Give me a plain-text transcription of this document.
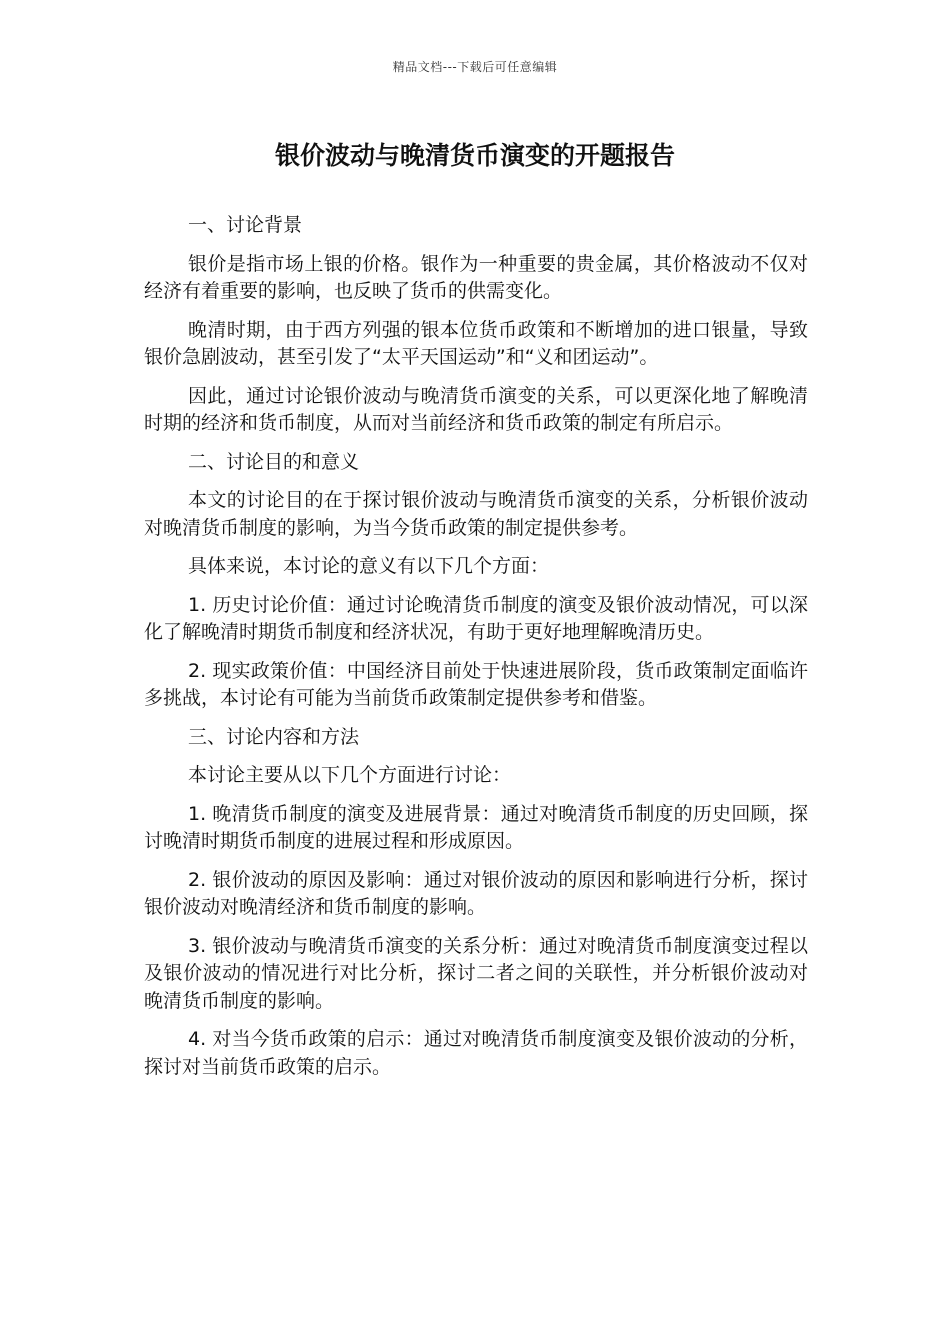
精品文档---下载后可任意编辑
银价波动与晚清货币演变的开题报告

一、讨论背景

银价是指市场上银的价格。银作为一种重要的贵金属，其价格波动不仅对经济有着重要的影响，也反映了货币的供需变化。

晚清时期，由于西方列强的银本位货币政策和不断增加的进口银量，导致银价急剧波动，甚至引发了“太平天国运动”和“义和团运动”。

因此，通过讨论银价波动与晚清货币演变的关系，可以更深化地了解晚清时期的经济和货币制度，从而对当前经济和货币政策的制定有所启示。

二、讨论目的和意义

本文的讨论目的在于探讨银价波动与晚清货币演变的关系，分析银价波动对晚清货币制度的影响，为当今货币政策的制定提供参考。

具体来说，本讨论的意义有以下几个方面：

1. 历史讨论价值：通过讨论晚清货币制度的演变及银价波动情况，可以深化了解晚清时期货币制度和经济状况，有助于更好地理解晚清历史。

2. 现实政策价值：中国经济目前处于快速进展阶段，货币政策制定面临许多挑战，本讨论有可能为当前货币政策制定提供参考和借鉴。

三、讨论内容和方法

本讨论主要从以下几个方面进行讨论：

1. 晚清货币制度的演变及进展背景：通过对晚清货币制度的历史回顾，探讨晚清时期货币制度的进展过程和形成原因。

2. 银价波动的原因及影响：通过对银价波动的原因和影响进行分析，探讨银价波动对晚清经济和货币制度的影响。

3. 银价波动与晚清货币演变的关系分析：通过对晚清货币制度演变过程以及银价波动的情况进行对比分析，探讨二者之间的关联性，并分析银价波动对晚清货币制度的影响。

4. 对当今货币政策的启示：通过对晚清货币制度演变及银价波动的分析，探讨对当前货币政策的启示。
